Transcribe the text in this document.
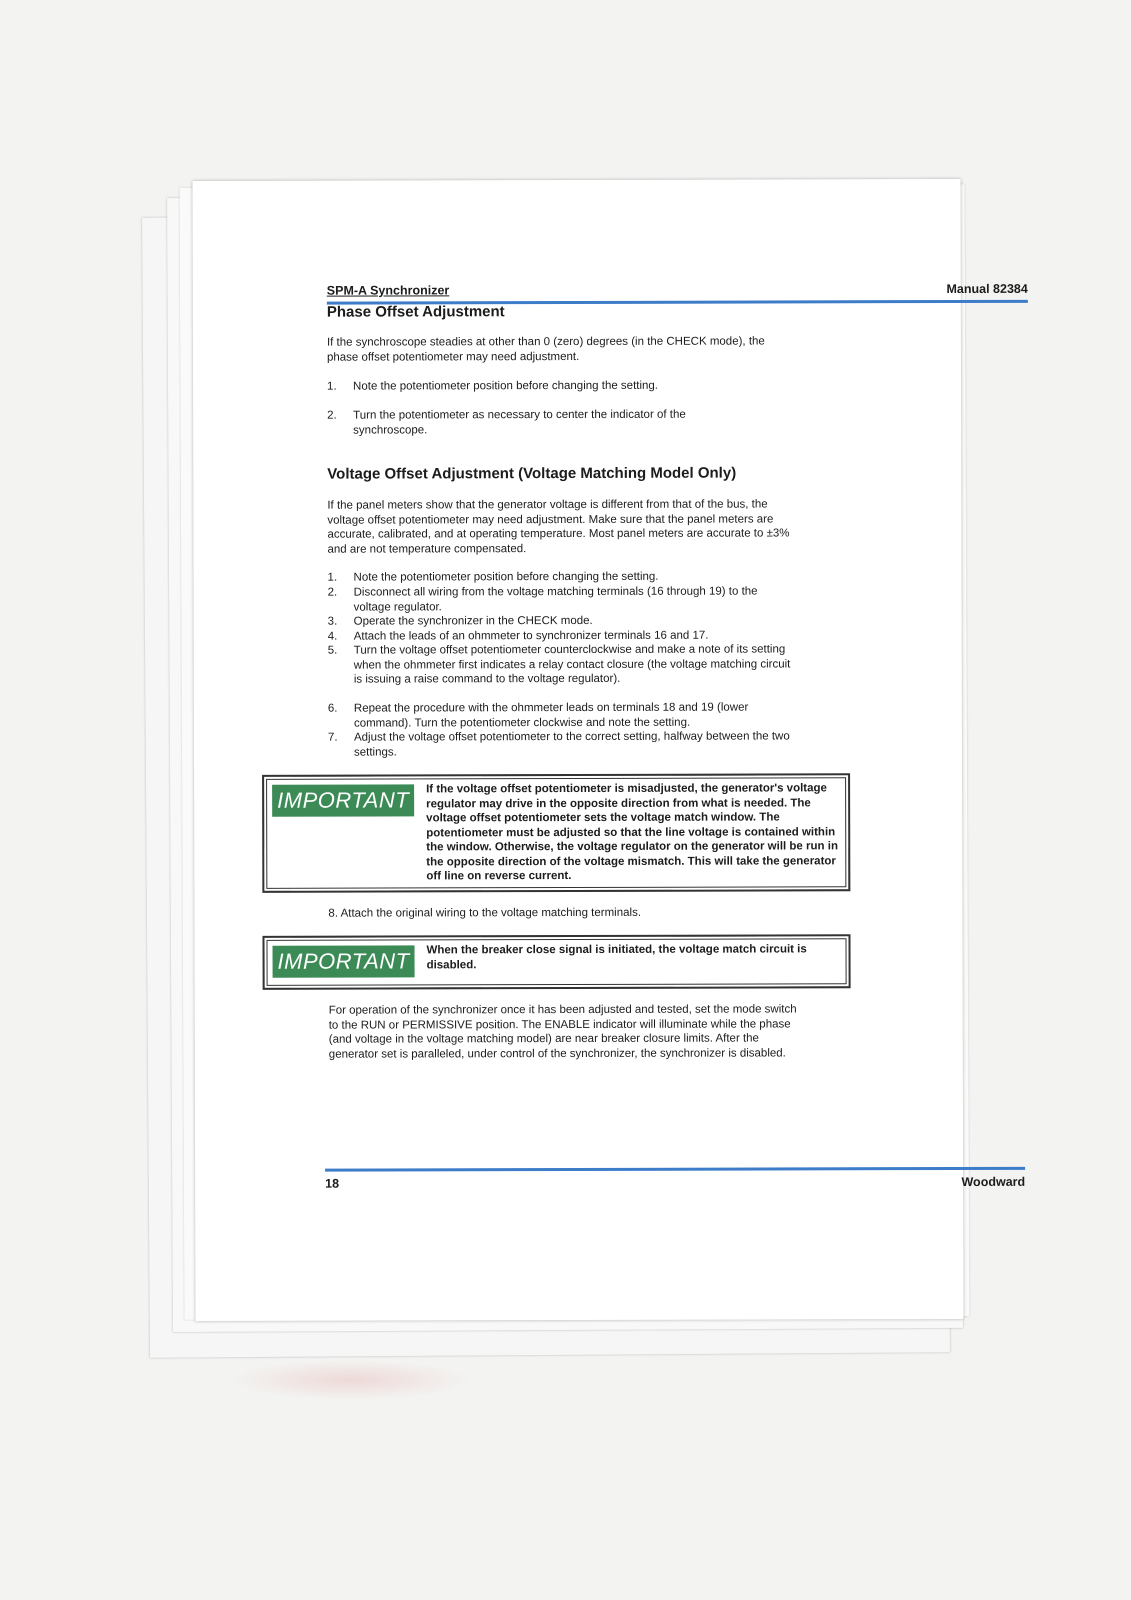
SPM-A Synchronizer	Manual 82384
Phase Offset Adjustment

If the synchroscope steadies at other than 0 (zero) degrees (in the CHECK mode), the phase offset potentiometer may need adjustment.

1.	Note the potentiometer position before changing the setting.
2.	Turn the potentiometer as necessary to center the indicator of the synchroscope.
Voltage Offset Adjustment (Voltage Matching Model Only)

If the panel meters show that the generator voltage is different from that of the bus, the voltage offset potentiometer may need adjustment. Make sure that the panel meters are accurate, calibrated, and at operating temperature. Most panel meters are accurate to ±3% and are not temperature compensated.

1.	Note the potentiometer position before changing the setting.
2.	Disconnect all wiring from the voltage matching terminals (16 through 19) to the voltage regulator.
3.	Operate the synchronizer in the CHECK mode.
4.	Attach the leads of an ohmmeter to synchronizer terminals 16 and 17.
5.	Turn the voltage offset potentiometer counterclockwise and make a note of its setting when the ohmmeter first indicates a relay contact closure (the voltage matching circuit is issuing a raise command to the voltage regulator).
6.	Repeat the procedure with the ohmmeter leads on terminals 18 and 19 (lower command). Turn the potentiometer clockwise and note the setting.
7.	Adjust the voltage offset potentiometer to the correct setting, halfway between the two settings.
IMPORTANT	If the voltage offset potentiometer is misadjusted, the generator's voltage regulator may drive in the opposite direction from what is needed. The voltage offset potentiometer sets the voltage match window. The potentiometer must be adjusted so that the line voltage is contained within the window. Otherwise, the voltage regulator on the generator will be run in the opposite direction of the voltage mismatch. This will take the generator off line on reverse current.

8. Attach the original wiring to the voltage matching terminals.

IMPORTANT	When the breaker close signal is initiated, the voltage match circuit is disabled.

For operation of the synchronizer once it has been adjusted and tested, set the mode switch to the RUN or PERMISSIVE position. The ENABLE indicator will illuminate while the phase (and voltage in the voltage matching model) are near breaker closure limits. After the generator set is paralleled, under control of the synchronizer, the synchronizer is disabled.

18	Woodward
